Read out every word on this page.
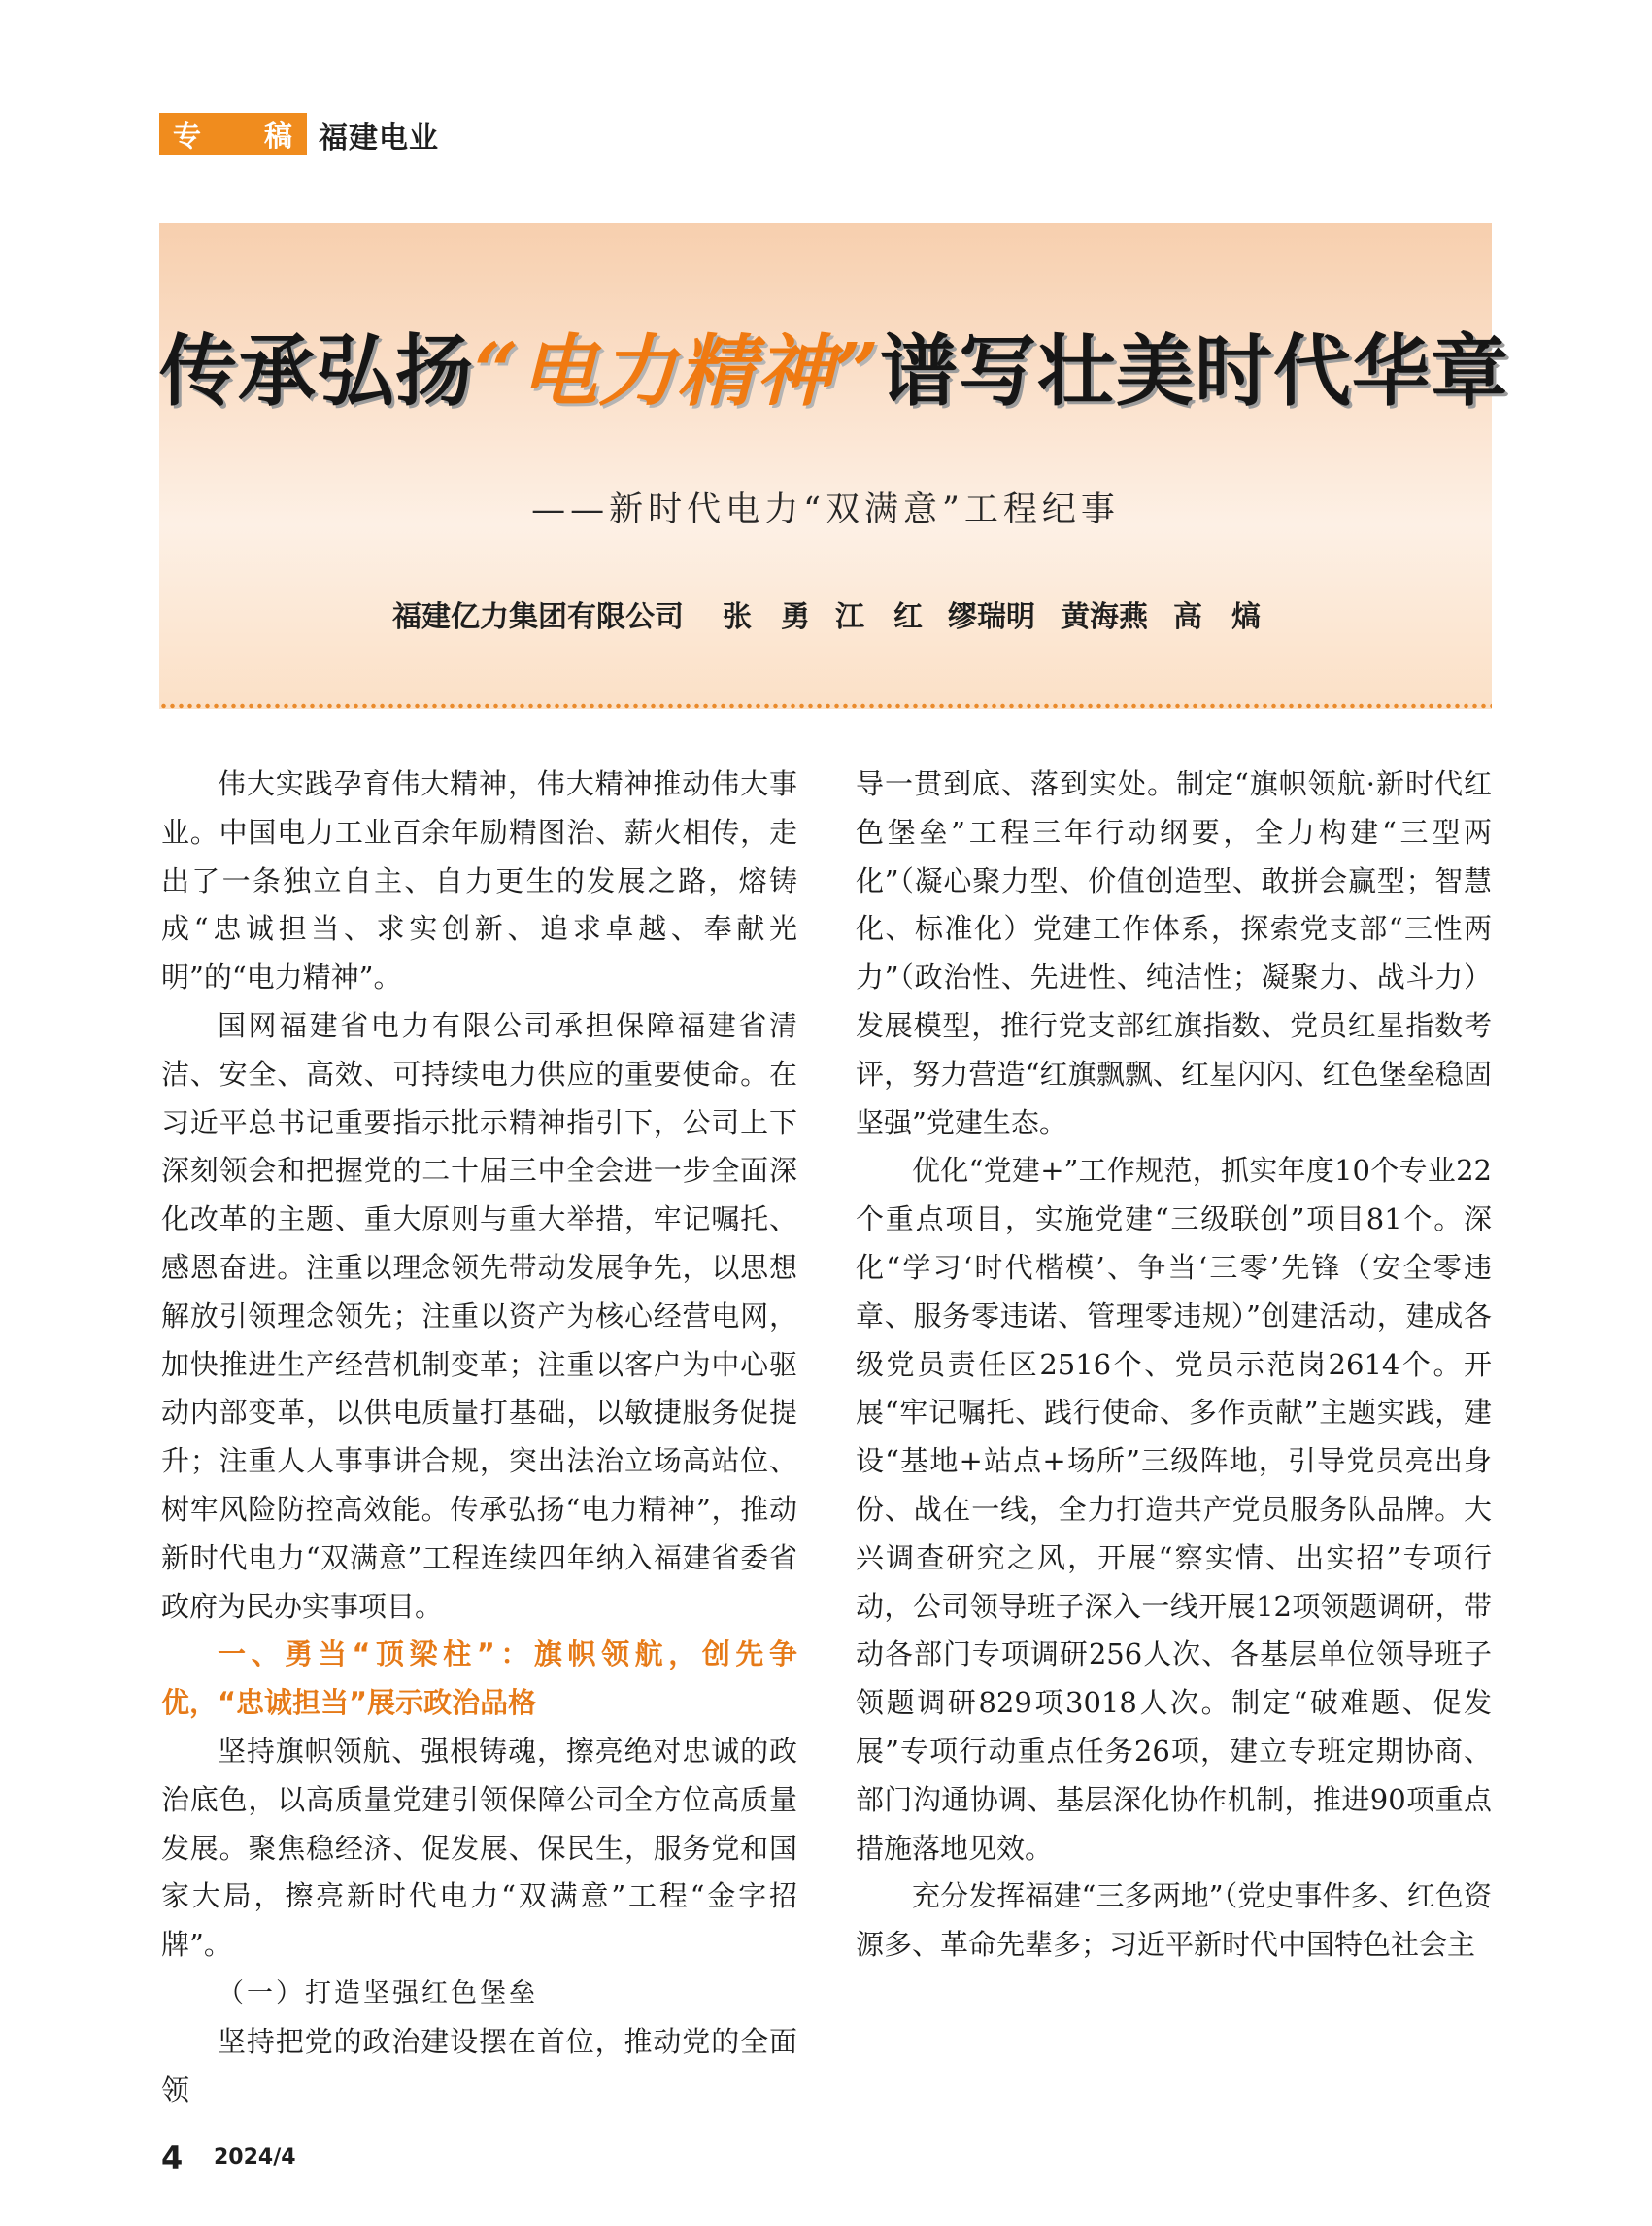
专 稿 福建电业
传承弘扬“电力精神”谱写壮美时代华章
——新时代电力“双满意”工程纪事
福建亿力集团有限公司 张　勇 江　红 缪瑞明 黄海燕 高　熇

伟大实践孕育伟大精神，伟大精神推动伟大事业。中国电力工业百余年励精图治、薪火相传，走出了一条独立自主、自力更生的发展之路，熔铸成“忠诚担当、求实创新、追求卓越、奉献光明”的“电力精神”。

国网福建省电力有限公司承担保障福建省清洁、安全、高效、可持续电力供应的重要使命。在习近平总书记重要指示批示精神指引下，公司上下深刻领会和把握党的二十届三中全会进一步全面深化改革的主题、重大原则与重大举措，牢记嘱托、感恩奋进。注重以理念领先带动发展争先，以思想解放引领理念领先；注重以资产为核心经营电网，加快推进生产经营机制变革；注重以客户为中心驱动内部变革，以供电质量打基础，以敏捷服务促提升；注重人人事事讲合规，突出法治立场高站位、树牢风险防控高效能。传承弘扬“电力精神”，推动新时代电力“双满意”工程连续四年纳入福建省委省政府为民办实事项目。

一、勇当“顶梁柱”：旗帜领航，创先争优，“忠诚担当”展示政治品格

坚持旗帜领航、强根铸魂，擦亮绝对忠诚的政治底色，以高质量党建引领保障公司全方位高质量发展。聚焦稳经济、促发展、保民生，服务党和国家大局，擦亮新时代电力“双满意”工程“金字招牌”。

（一）打造坚强红色堡垒

坚持把党的政治建设摆在首位，推动党的全面领

导一贯到底、落到实处。制定“旗帜领航·新时代红色堡垒”工程三年行动纲要，全力构建“三型两化”（凝心聚力型、价值创造型、敢拼会赢型；智慧化、标准化）党建工作体系，探索党支部“三性两力”（政治性、先进性、纯洁性；凝聚力、战斗力）发展模型，推行党支部红旗指数、党员红星指数考评，努力营造“红旗飘飘、红星闪闪、红色堡垒稳固坚强”党建生态。

优化“党建+”工作规范，抓实年度10个专业22个重点项目，实施党建“三级联创”项目81个。深化“学习‘时代楷模’、争当‘三零’先锋（安全零违章、服务零违诺、管理零违规）”创建活动，建成各级党员责任区2516个、党员示范岗2614个。开展“牢记嘱托、践行使命、多作贡献”主题实践，建设“基地+站点+场所”三级阵地，引导党员亮出身份、战在一线，全力打造共产党员服务队品牌。大兴调查研究之风，开展“察实情、出实招”专项行动，公司领导班子深入一线开展12项领题调研，带动各部门专项调研256人次、各基层单位领导班子领题调研829项3018人次。制定“破难题、促发展”专项行动重点任务26项，建立专班定期协商、部门沟通协调、基层深化协作机制，推进90项重点措施落地见效。

充分发挥福建“三多两地”（党史事件多、红色资源多、革命先辈多；习近平新时代中国特色社会主

4 2024/4
